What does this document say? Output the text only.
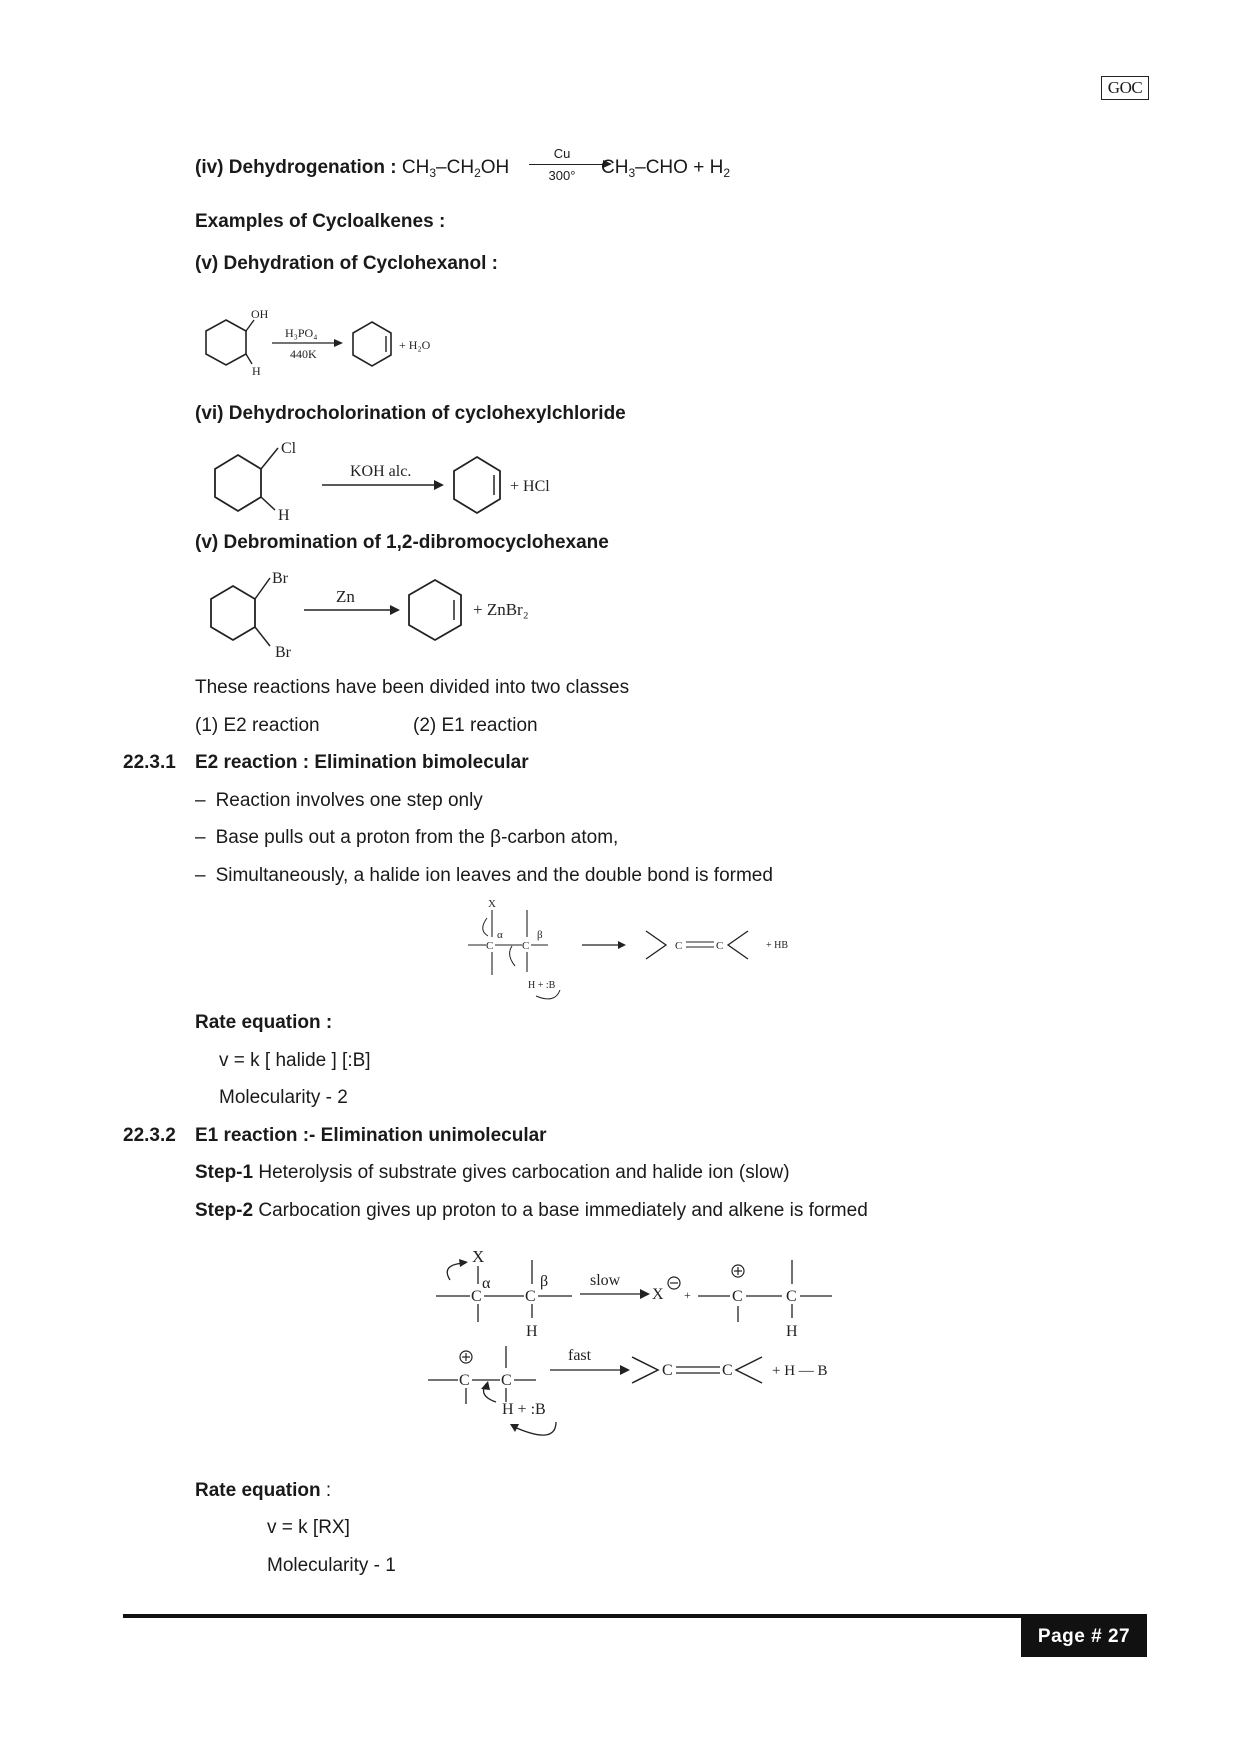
GOC
(iv) Dehydrogenation : $CH_3-CH_2OH$
Cu
300°	$CH_3$–CHO + $H_2$
Examples of Cycloalkenes :
(v) Dehydration of Cyclohexanol :
OH
H
H₃PO₄
440K
+ H₂O
(vi) Dehydrocholorination of cyclohexylchloride
Cl
H
KOH alc.
+ HCl
(v) Debromination of 1,2-dibromocyclohexane
Br
Br
Zn
+ ZnBr₂
These reactions have been divided into two classes
(1) E2 reaction	(2) E1 reaction
22.3.1 E2 reaction : Elimination bimolecular
– Reaction involves one step only
– Base pulls out a proton from the β-carbon atom,
– Simultaneously, a halide ion leaves and the double bond is formed
X
α	β
C	C
H + :B
C	C	+ HB
Rate equation :
v = k [ halide ] [:B]
Molecularity - 2
22.3.2 E1 reaction :- Elimination unimolecular
Step-1 Heterolysis of substrate gives carbocation and halide ion (slow)
Step-2 Carbocation gives up proton to a base immediately and alkene is formed
X
α	β
C	C
H
slow
X +	C	C
H
C C
H + :B
fast
C	C	+ H — B
Rate equation :
v = k [RX]
Molecularity - 1
Page # 27
